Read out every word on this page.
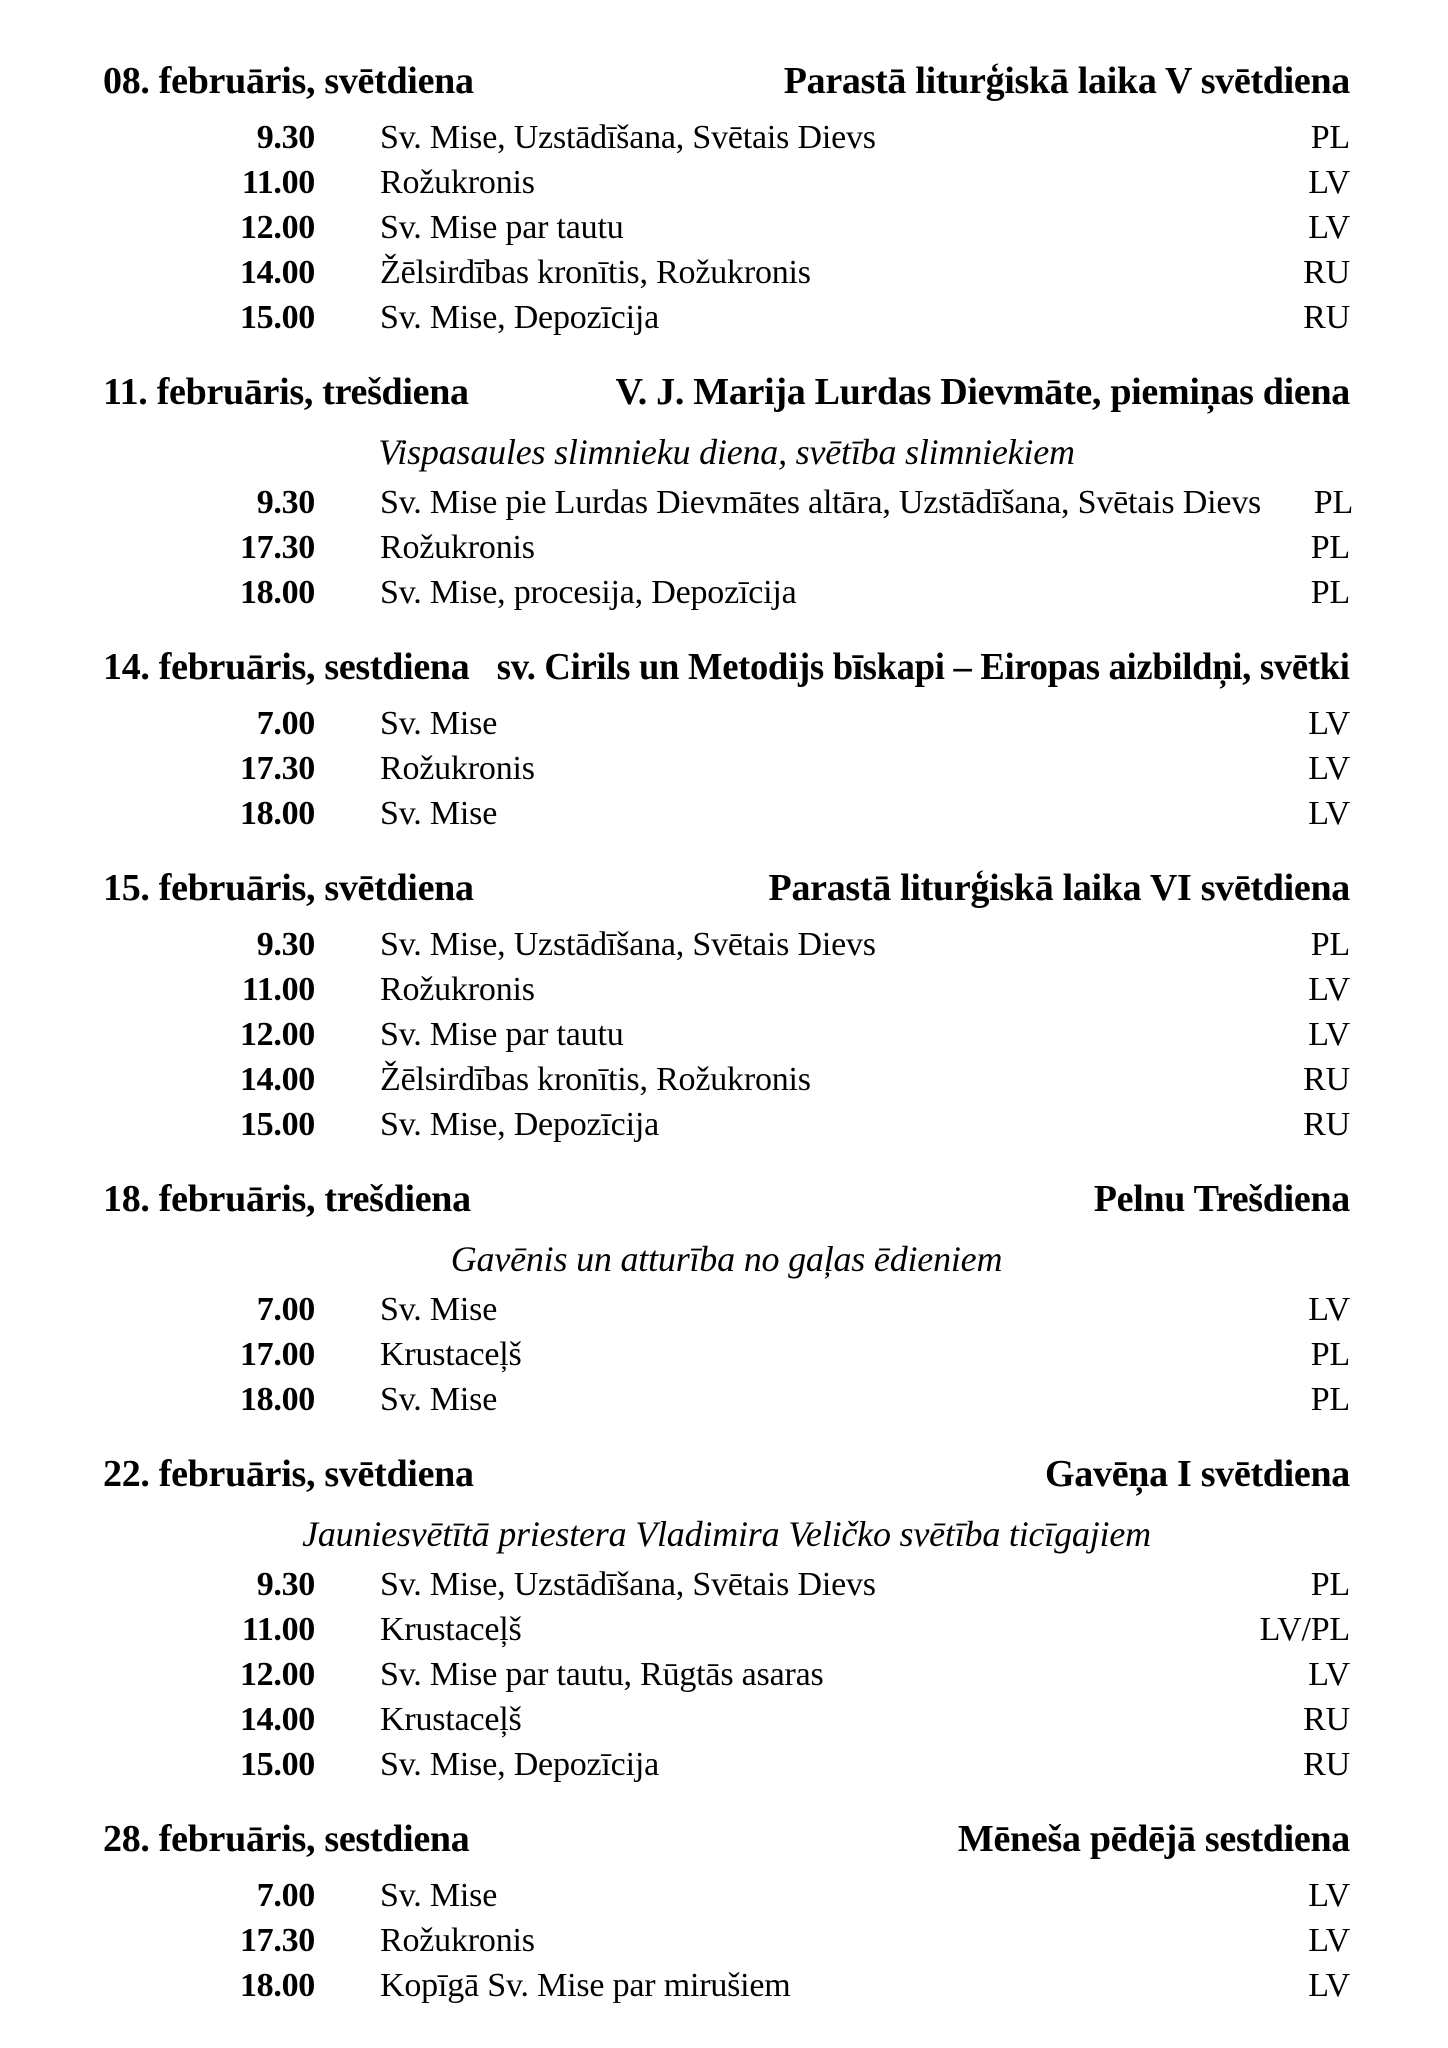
08. februāris, svētdiena	Parastā liturģiskā laika V svētdiena
9.30	Sv. Mise, Uzstādīšana, Svētais Dievs	PL
11.00	Rožukronis	LV
12.00	Sv. Mise par tautu	LV
14.00	Žēlsirdības kronītis, Rožukronis	RU
15.00	Sv. Mise, Depozīcija	RU
11. februāris, trešdiena	V. J. Marija Lurdas Dievmāte, piemiņas diena
Vispasaules slimnieku diena, svētība slimniekiem
9.30	Sv. Mise pie Lurdas Dievmātes altāra, Uzstādīšana, Svētais Dievs	PL
17.30	Rožukronis	PL
18.00	Sv. Mise, procesija, Depozīcija	PL
14. februāris, sestdiena sv. Cirils un Metodijs bīskapi – Eiropas aizbildņi, svētki
7.00	Sv. Mise	LV
17.30	Rožukronis	LV
18.00	Sv. Mise	LV
15. februāris, svētdiena	Parastā liturģiskā laika VI svētdiena
9.30	Sv. Mise, Uzstādīšana, Svētais Dievs	PL
11.00	Rožukronis	LV
12.00	Sv. Mise par tautu	LV
14.00	Žēlsirdības kronītis, Rožukronis	RU
15.00	Sv. Mise, Depozīcija	RU
18. februāris, trešdiena	Pelnu Trešdiena
Gavēnis un atturība no gaļas ēdieniem
7.00	Sv. Mise	LV
17.00	Krustaceļš	PL
18.00	Sv. Mise	PL
22. februāris, svētdiena	Gavēņa I svētdiena
Jauniesvētītā priestera Vladimira Veličko svētība ticīgajiem
9.30	Sv. Mise, Uzstādīšana, Svētais Dievs	PL
11.00	Krustaceļš	LV/PL
12.00	Sv. Mise par tautu, Rūgtās asaras	LV
14.00	Krustaceļš	RU
15.00	Sv. Mise, Depozīcija	RU
28. februāris, sestdiena	Mēneša pēdējā sestdiena
7.00	Sv. Mise	LV
17.30	Rožukronis	LV
18.00	Kopīgā Sv. Mise par mirušiem	LV
